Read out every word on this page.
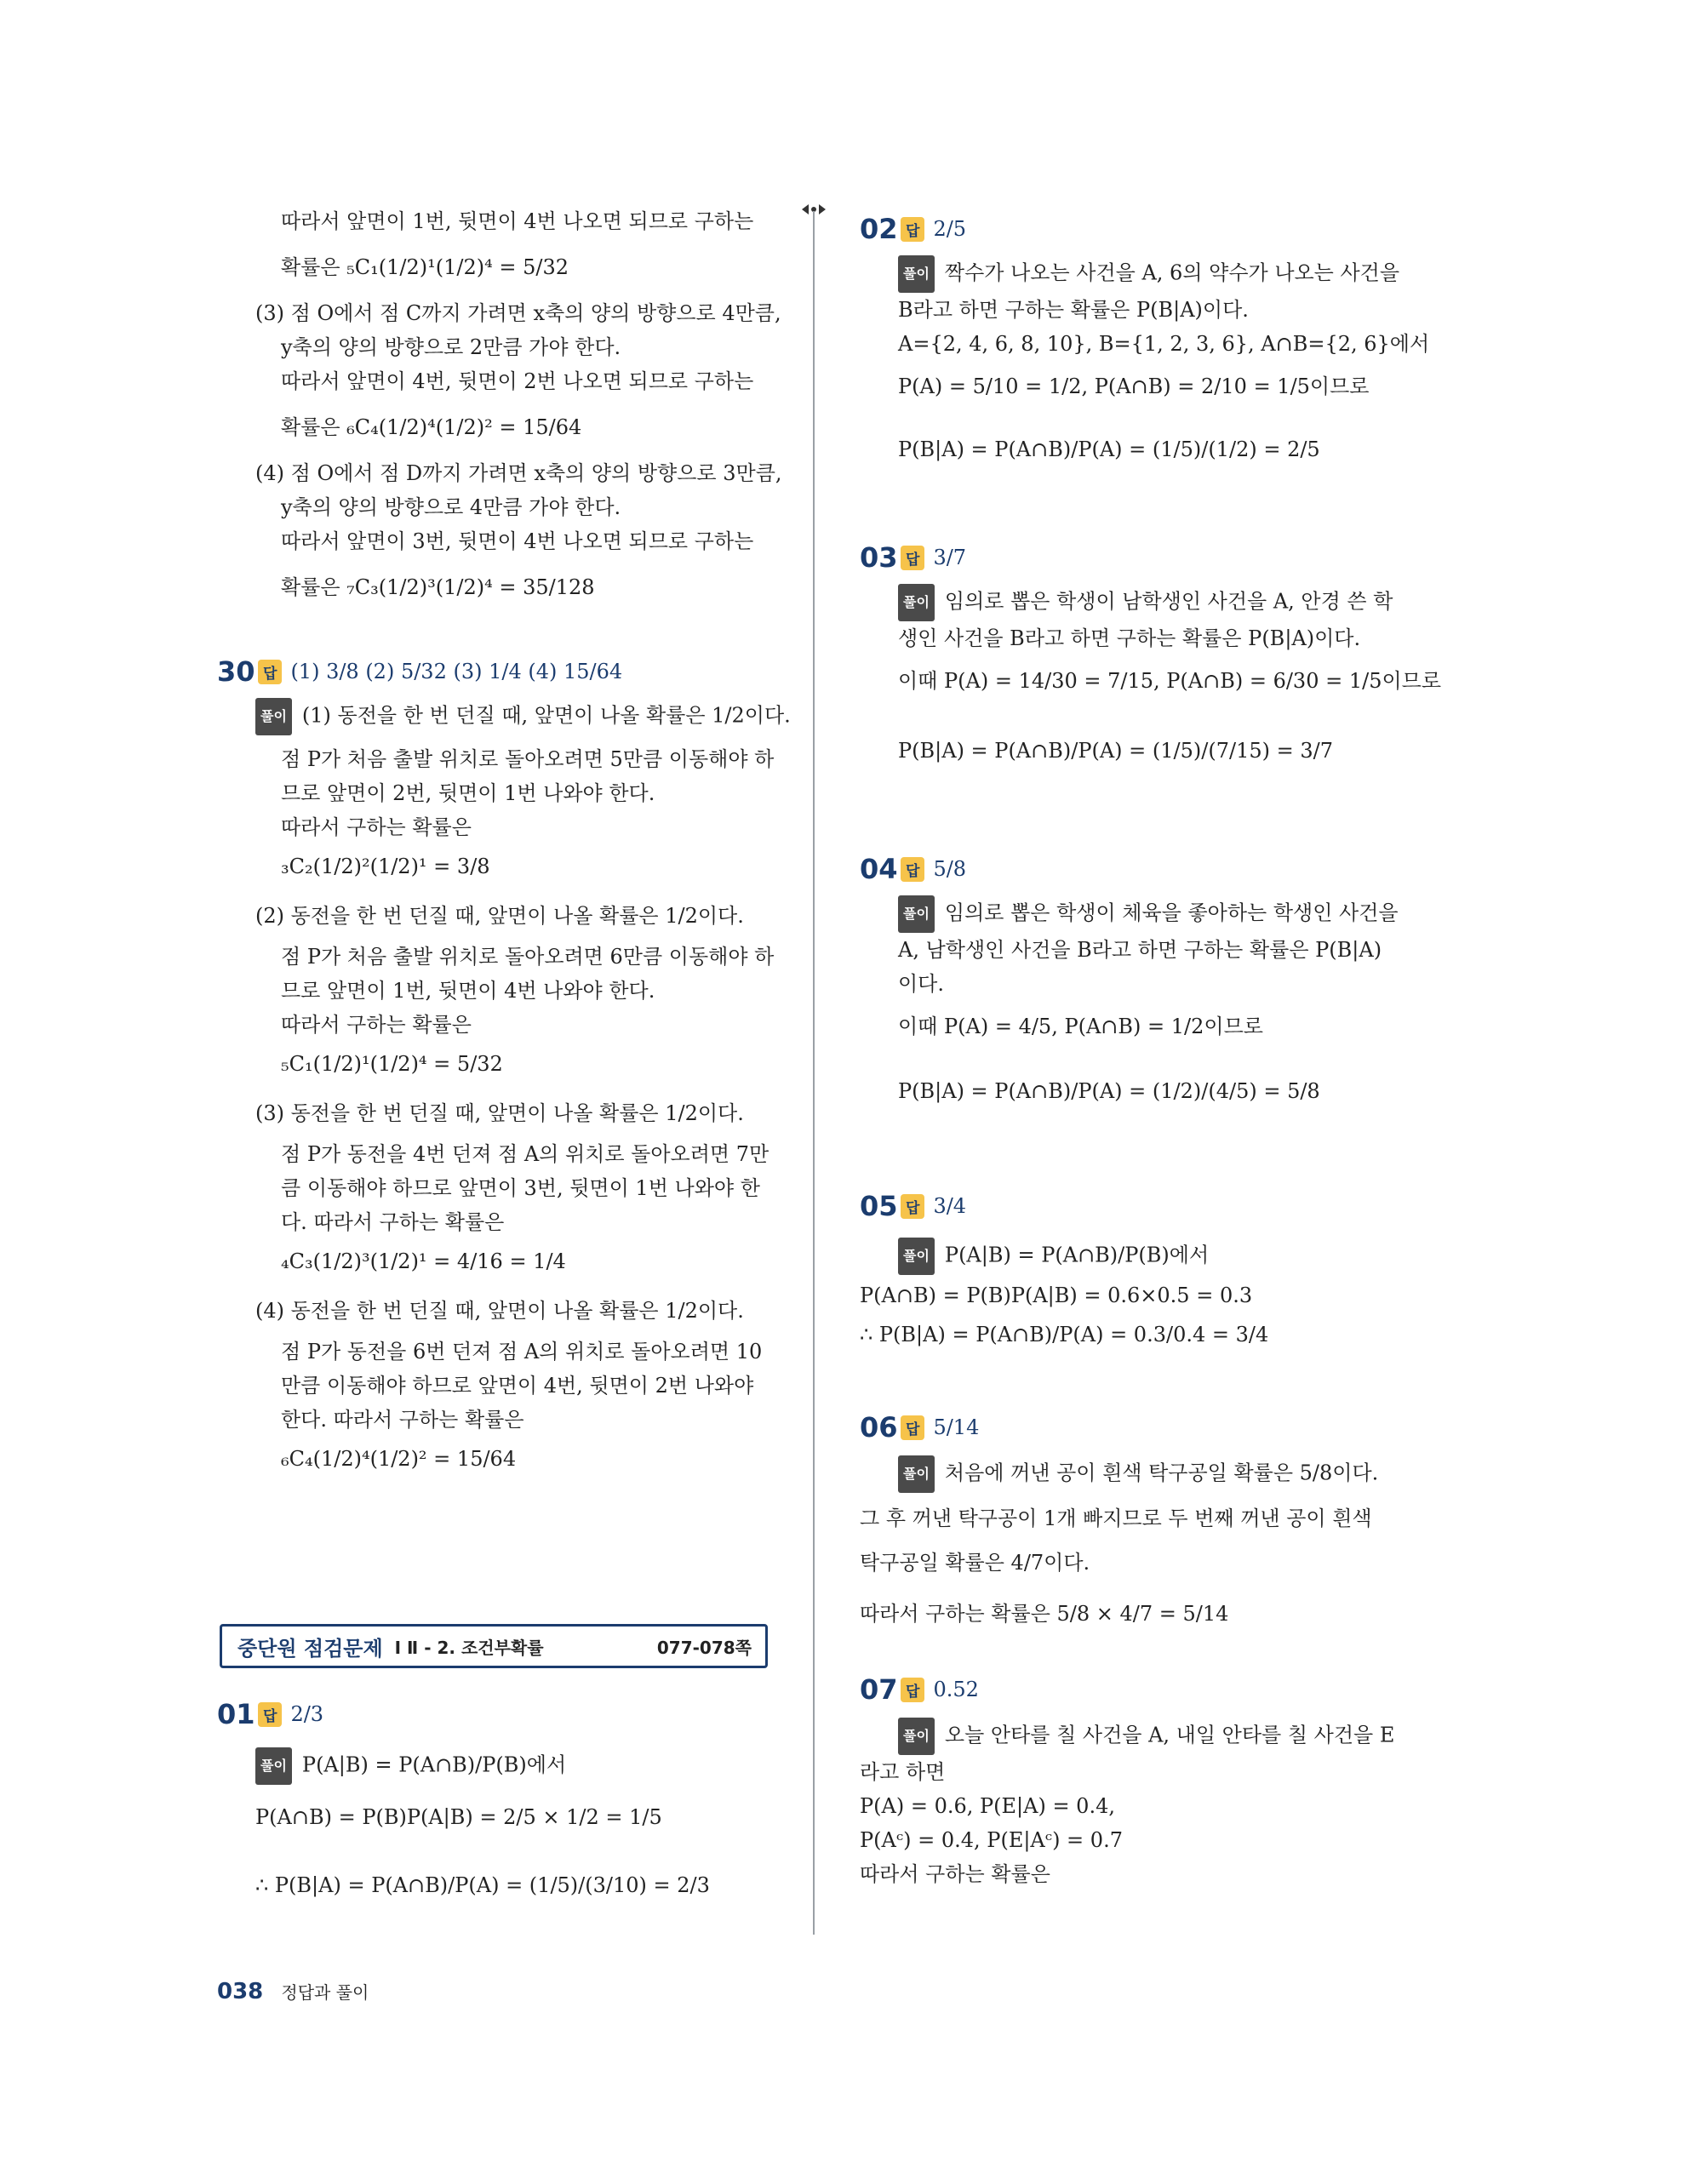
따라서 앞면이 1번, 뒷면이 4번 나오면 되므로 구하는
확률은 ₅C₁(1/2)¹(1/2)⁴ = 5/32
(3) 점 O에서 점 C까지 가려면 x축의 양의 방향으로 4만큼,
y축의 양의 방향으로 2만큼 가야 한다.
따라서 앞면이 4번, 뒷면이 2번 나오면 되므로 구하는
확률은 ₆C₄(1/2)⁴(1/2)² = 15/64
(4) 점 O에서 점 D까지 가려면 x축의 양의 방향으로 3만큼,
y축의 양의 방향으로 4만큼 가야 한다.
따라서 앞면이 3번, 뒷면이 4번 나오면 되므로 구하는
확률은 ₇C₃(1/2)³(1/2)⁴ = 35/128
30 답 (1) 3/8 (2) 5/32 (3) 1/4 (4) 15/64
풀이 (1) 동전을 한 번 던질 때, 앞면이 나올 확률은 1/2이다.
점 P가 처음 출발 위치로 돌아오려면 5만큼 이동해야 하
므로 앞면이 2번, 뒷면이 1번 나와야 한다.
따라서 구하는 확률은
₃C₂(1/2)²(1/2)¹ = 3/8
(2) 동전을 한 번 던질 때, 앞면이 나올 확률은 1/2이다.
점 P가 처음 출발 위치로 돌아오려면 6만큼 이동해야 하
므로 앞면이 1번, 뒷면이 4번 나와야 한다.
따라서 구하는 확률은
₅C₁(1/2)¹(1/2)⁴ = 5/32
(3) 동전을 한 번 던질 때, 앞면이 나올 확률은 1/2이다.
점 P가 동전을 4번 던져 점 A의 위치로 돌아오려면 7만
큼 이동해야 하므로 앞면이 3번, 뒷면이 1번 나와야 한
다. 따라서 구하는 확률은
₄C₃(1/2)³(1/2)¹ = 4/16 = 1/4
(4) 동전을 한 번 던질 때, 앞면이 나올 확률은 1/2이다.
점 P가 동전을 6번 던져 점 A의 위치로 돌아오려면 10
만큼 이동해야 하므로 앞면이 4번, 뒷면이 2번 나와야
한다. 따라서 구하는 확률은
₆C₄(1/2)⁴(1/2)² = 15/64
중단원 점검문제 Ⅰ Ⅱ - 2. 조건부확률	077-078쪽
01 답 2/3
풀이 P(A|B) = P(A∩B)/P(B)에서
P(A∩B) = P(B)P(A|B) = 2/5 × 1/2 = 1/5
∴ P(B|A) = P(A∩B)/P(A) = (1/5)/(3/10) = 2/3
02 답 2/5
풀이 짝수가 나오는 사건을 A, 6의 약수가 나오는 사건을
B라고 하면 구하는 확률은 P(B|A)이다.
A={2, 4, 6, 8, 10}, B={1, 2, 3, 6}, A∩B={2, 6}에서
P(A) = 5/10 = 1/2, P(A∩B) = 2/10 = 1/5이므로
P(B|A) = P(A∩B)/P(A) = (1/5)/(1/2) = 2/5
03 답 3/7
풀이 임의로 뽑은 학생이 남학생인 사건을 A, 안경 쓴 학
생인 사건을 B라고 하면 구하는 확률은 P(B|A)이다.
이때 P(A) = 14/30 = 7/15, P(A∩B) = 6/30 = 1/5이므로
P(B|A) = P(A∩B)/P(A) = (1/5)/(7/15) = 3/7
04 답 5/8
풀이 임의로 뽑은 학생이 체육을 좋아하는 학생인 사건을
A, 남학생인 사건을 B라고 하면 구하는 확률은 P(B|A)
이다.
이때 P(A) = 4/5, P(A∩B) = 1/2이므로
P(B|A) = P(A∩B)/P(A) = (1/2)/(4/5) = 5/8
05 답 3/4
풀이 P(A|B) = P(A∩B)/P(B)에서
P(A∩B) = P(B)P(A|B) = 0.6×0.5 = 0.3
∴ P(B|A) = P(A∩B)/P(A) = 0.3/0.4 = 3/4
06 답 5/14
풀이 처음에 꺼낸 공이 흰색 탁구공일 확률은 5/8이다.
그 후 꺼낸 탁구공이 1개 빠지므로 두 번째 꺼낸 공이 흰색
탁구공일 확률은 4/7이다.
따라서 구하는 확률은 5/8 × 4/7 = 5/14
07 답 0.52
풀이 오늘 안타를 칠 사건을 A, 내일 안타를 칠 사건을 E
라고 하면
P(A) = 0.6, P(E|A) = 0.4,
P(Aᶜ) = 0.4, P(E|Aᶜ) = 0.7
따라서 구하는 확률은
038 정답과 풀이
